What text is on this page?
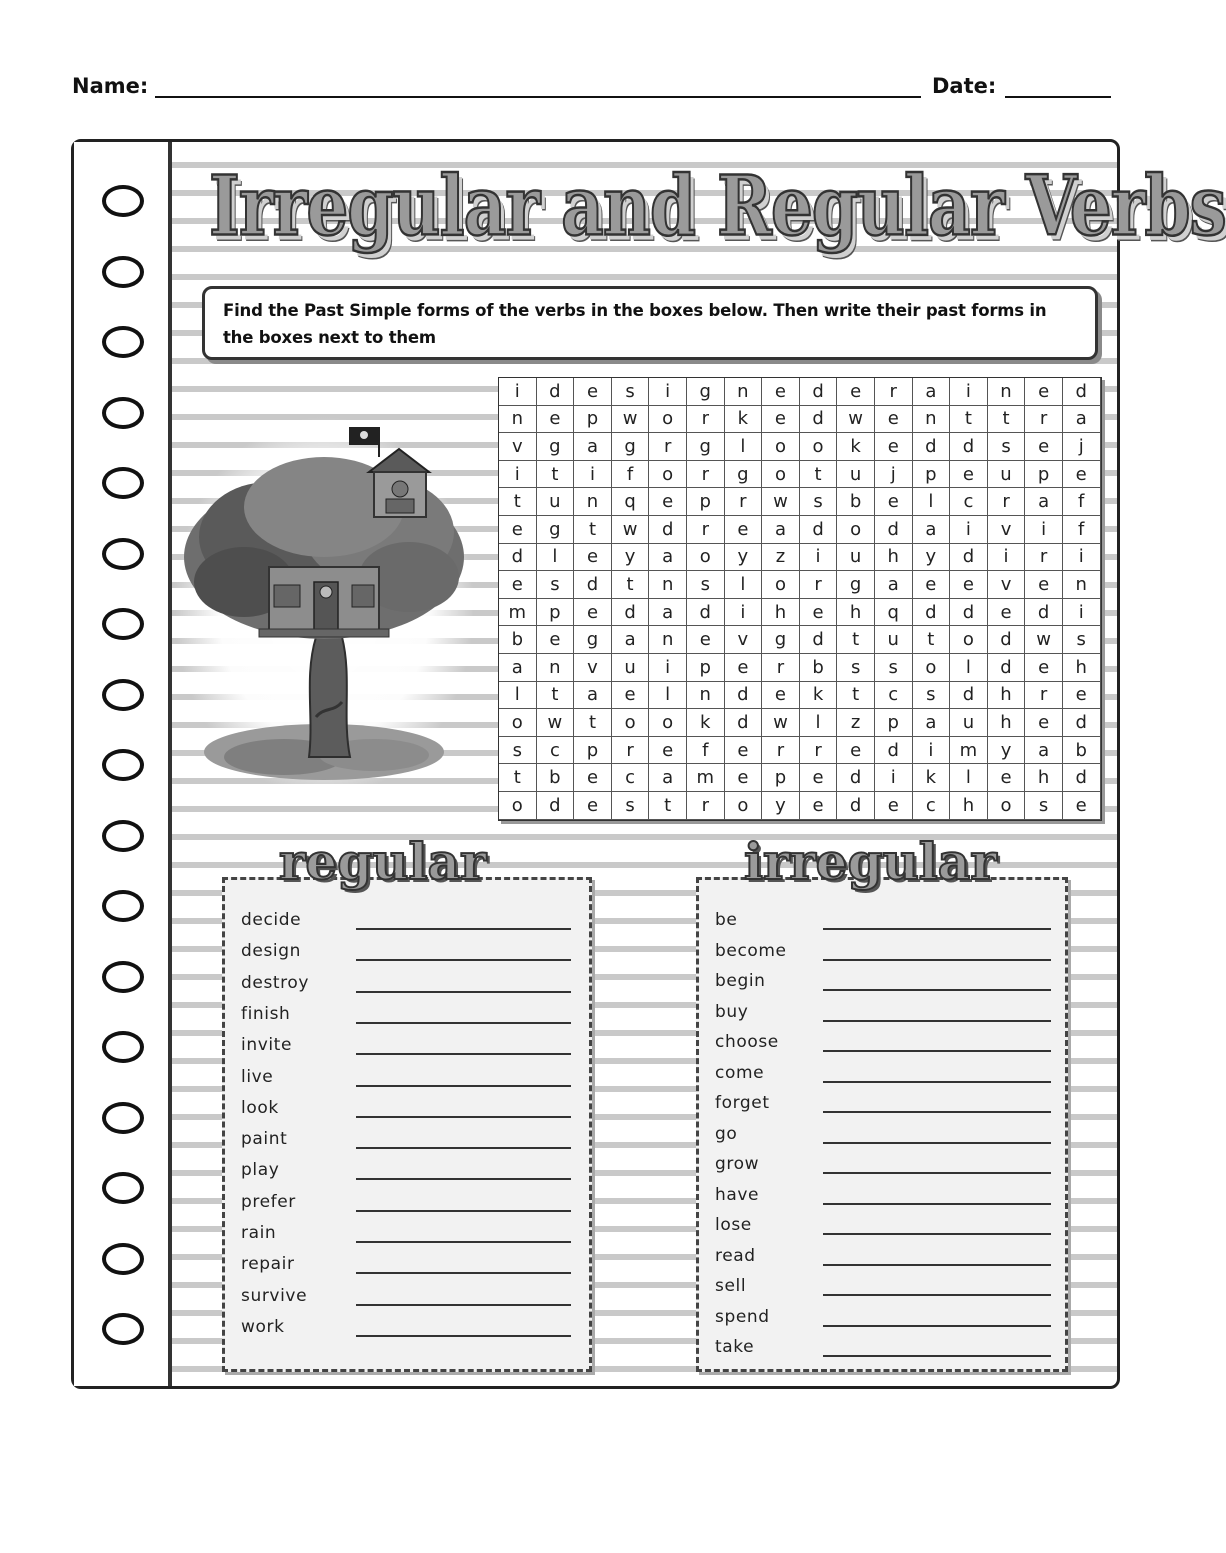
Name:	Date:
Irregular and Regular Verbs
Find the Past Simple forms of the verbs in the boxes below. Then write their past forms in the boxes next to them
i	d	e	s	i	g	n	e	d	e	r	a	i	n	e	d
n	e	p	w	o	r	k	e	d	w	e	n	t	t	r	a
v	g	a	g	r	g	l	o	o	k	e	d	d	s	e	j
i	t	i	f	o	r	g	o	t	u	j	p	e	u	p	e
t	u	n	q	e	p	r	w	s	b	e	l	c	r	a	f
e	g	t	w	d	r	e	a	d	o	d	a	i	v	i	f
d	l	e	y	a	o	y	z	i	u	h	y	d	i	r	i
e	s	d	t	n	s	l	o	r	g	a	e	e	v	e	n
m	p	e	d	a	d	i	h	e	h	q	d	d	e	d	i
b	e	g	a	n	e	v	g	d	t	u	t	o	d	w	s
a	n	v	u	i	p	e	r	b	s	s	o	l	d	e	h
l	t	a	e	l	n	d	e	k	t	c	s	d	h	r	e
o	w	t	o	o	k	d	w	l	z	p	a	u	h	e	d
s	c	p	r	e	f	e	r	r	e	d	i	m	y	a	b
t	b	e	c	a	m	e	p	e	d	i	k	l	e	h	d
o	d	e	s	t	r	o	y	e	d	e	c	h	o	s	e
decide
design
destroy
finish
invite
live
look
paint
play
prefer
rain
repair
survive
work
regular
be
become
begin
buy
choose
come
forget
go
grow
have
lose
read
sell
spend
take
irregular
